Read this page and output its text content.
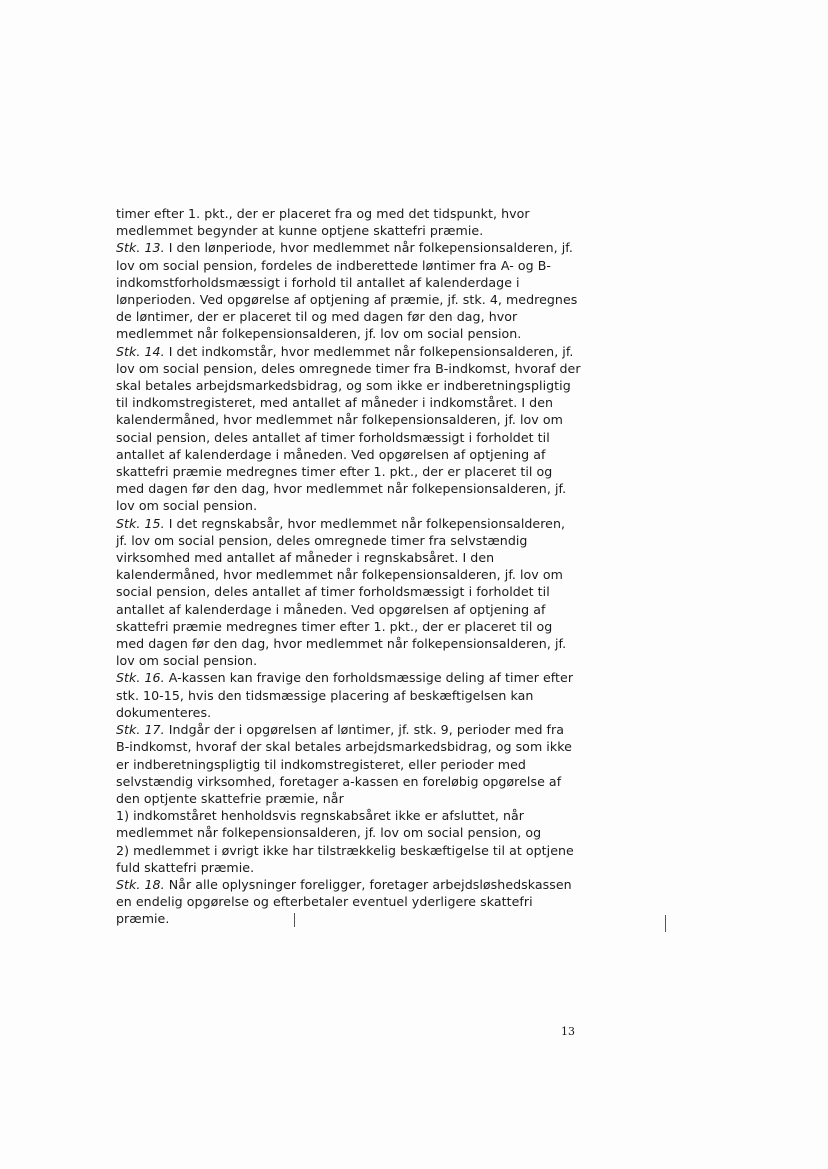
timer efter 1. pkt., der er placeret fra og med det tidspunkt, hvor
medlemmet begynder at kunne optjene skattefri præmie.
Stk. 13. I den lønperiode, hvor medlemmet når folkepensionsalderen, jf.
lov om social pension, fordeles de indberettede løntimer fra A- og B-
indkomstforholdsmæssigt i forhold til antallet af kalenderdage i
lønperioden. Ved opgørelse af optjening af præmie, jf. stk. 4, medregnes
de løntimer, der er placeret til og med dagen før den dag, hvor
medlemmet når folkepensionsalderen, jf. lov om social pension.
Stk. 14. I det indkomstår, hvor medlemmet når folkepensionsalderen, jf.
lov om social pension, deles omregnede timer fra B-indkomst, hvoraf der
skal betales arbejdsmarkedsbidrag, og som ikke er indberetningspligtig
til indkomstregisteret, med antallet af måneder i indkomståret. I den
kalendermåned, hvor medlemmet når folkepensionsalderen, jf. lov om
social pension, deles antallet af timer forholdsmæssigt i forholdet til
antallet af kalenderdage i måneden. Ved opgørelsen af optjening af
skattefri præmie medregnes timer efter 1. pkt., der er placeret til og
med dagen før den dag, hvor medlemmet når folkepensionsalderen, jf.
lov om social pension.
Stk. 15. I det regnskabsår, hvor medlemmet når folkepensionsalderen,
jf. lov om social pension, deles omregnede timer fra selvstændig
virksomhed med antallet af måneder i regnskabsåret. I den
kalendermåned, hvor medlemmet når folkepensionsalderen, jf. lov om
social pension, deles antallet af timer forholdsmæssigt i forholdet til
antallet af kalenderdage i måneden. Ved opgørelsen af optjening af
skattefri præmie medregnes timer efter 1. pkt., der er placeret til og
med dagen før den dag, hvor medlemmet når folkepensionsalderen, jf.
lov om social pension.
Stk. 16. A-kassen kan fravige den forholdsmæssige deling af timer efter
stk. 10-15, hvis den tidsmæssige placering af beskæftigelsen kan
dokumenteres.
Stk. 17. Indgår der i opgørelsen af løntimer, jf. stk. 9, perioder med fra
B-indkomst, hvoraf der skal betales arbejdsmarkedsbidrag, og som ikke
er indberetningspligtig til indkomstregisteret, eller perioder med
selvstændig virksomhed, foretager a-kassen en foreløbig opgørelse af
den optjente skattefrie præmie, når
1) indkomståret henholdsvis regnskabsåret ikke er afsluttet, når
medlemmet når folkepensionsalderen, jf. lov om social pension, og
2) medlemmet i øvrigt ikke har tilstrækkelig beskæftigelse til at optjene
fuld skattefri præmie.
Stk. 18. Når alle oplysninger foreligger, foretager arbejdsløshedskassen
en endelig opgørelse og efterbetaler eventuel yderligere skattefri
præmie.
13
